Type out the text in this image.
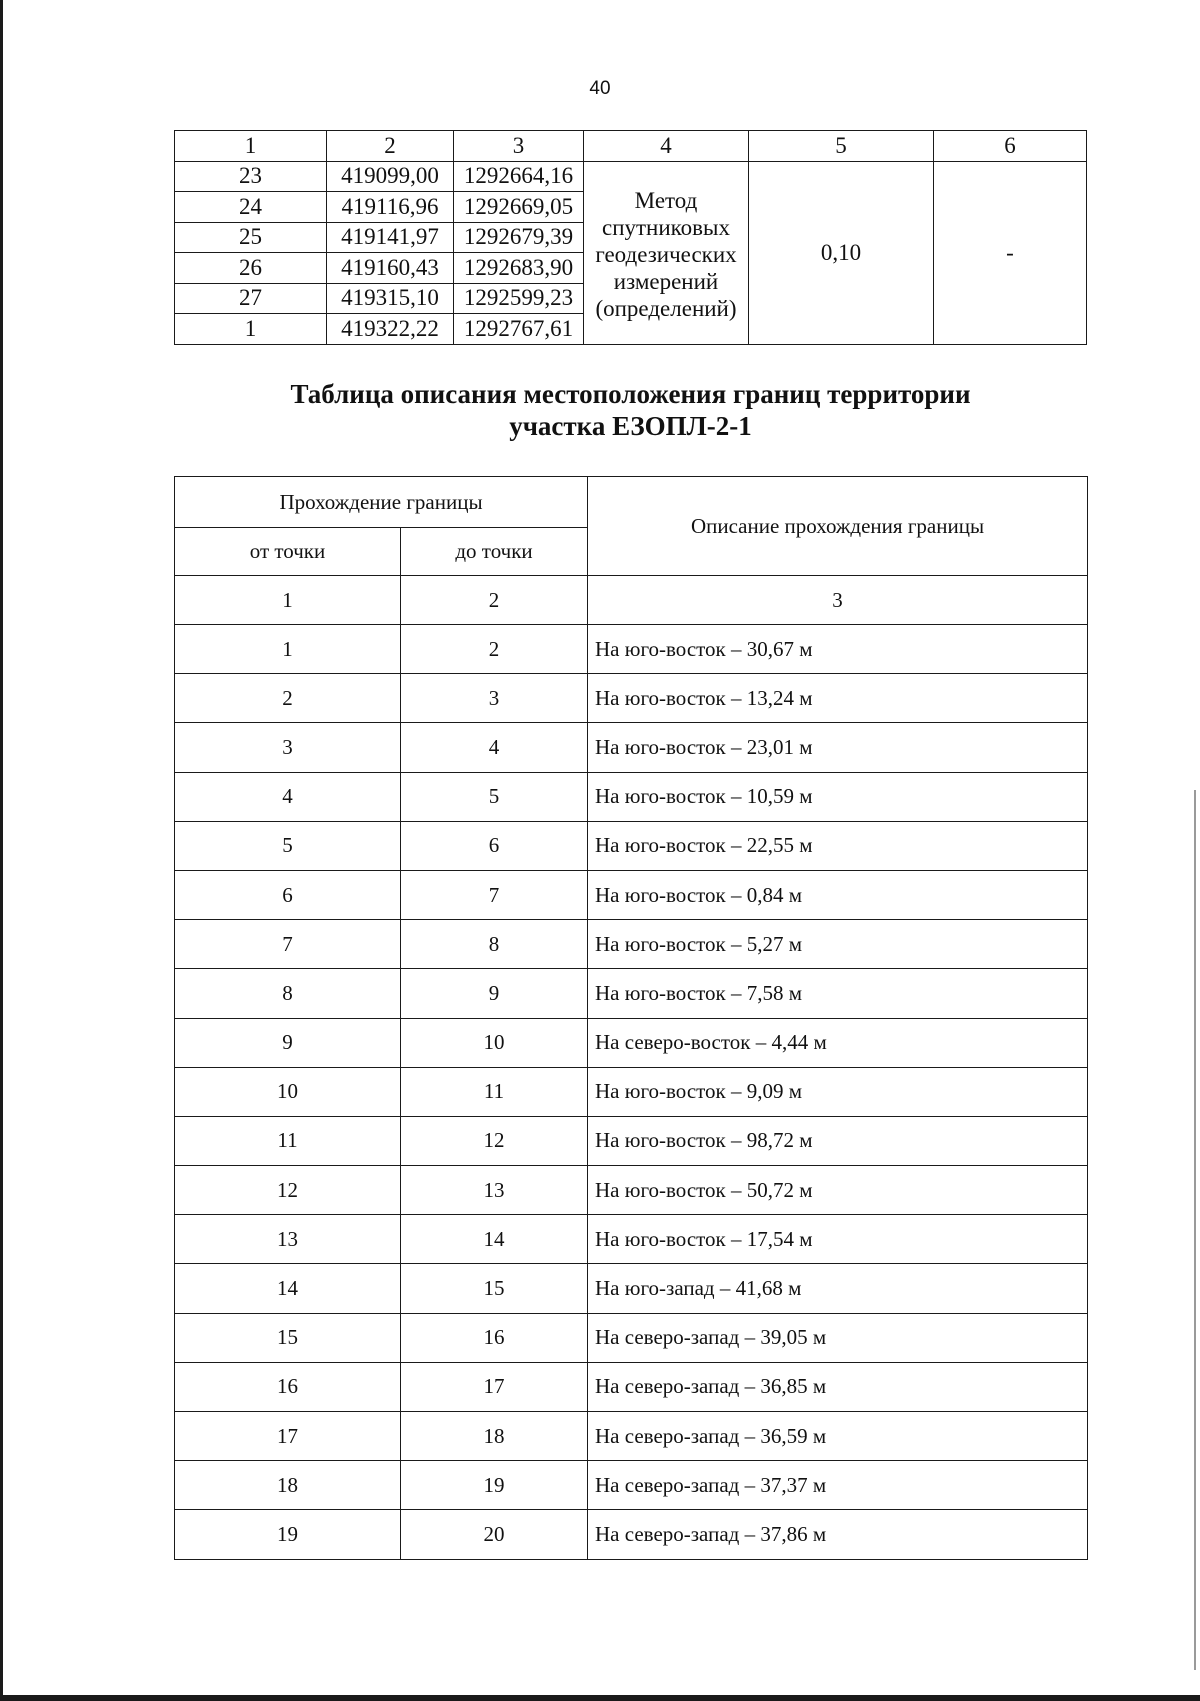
40
1	2	3	4	5	6
23	419099,00	1292664,16	Метод
спутниковых
геодезических
измерений
(определений)	0,10	-
24	419116,96	1292669,05			
25	419141,97	1292679,39			
26	419160,43	1292683,90			
27	419315,10	1292599,23			
1	419322,22	1292767,61			
Таблица описания местоположения границ территории
участка ЕЗОПЛ-2-1
Прохождение границы		Описание прохождения границы
от точки	до точки	
1	2	3
1	2	На юго-восток – 30,67 м
2	3	На юго-восток – 13,24 м
3	4	На юго-восток – 23,01 м
4	5	На юго-восток – 10,59 м
5	6	На юго-восток – 22,55 м
6	7	На юго-восток – 0,84 м
7	8	На юго-восток – 5,27 м
8	9	На юго-восток – 7,58 м
9	10	На северо-восток – 4,44 м
10	11	На юго-восток – 9,09 м
11	12	На юго-восток – 98,72 м
12	13	На юго-восток – 50,72 м
13	14	На юго-восток – 17,54 м
14	15	На юго-запад – 41,68 м
15	16	На северо-запад – 39,05 м
16	17	На северо-запад – 36,85 м
17	18	На северо-запад – 36,59 м
18	19	На северо-запад – 37,37 м
19	20	На северо-запад – 37,86 м
